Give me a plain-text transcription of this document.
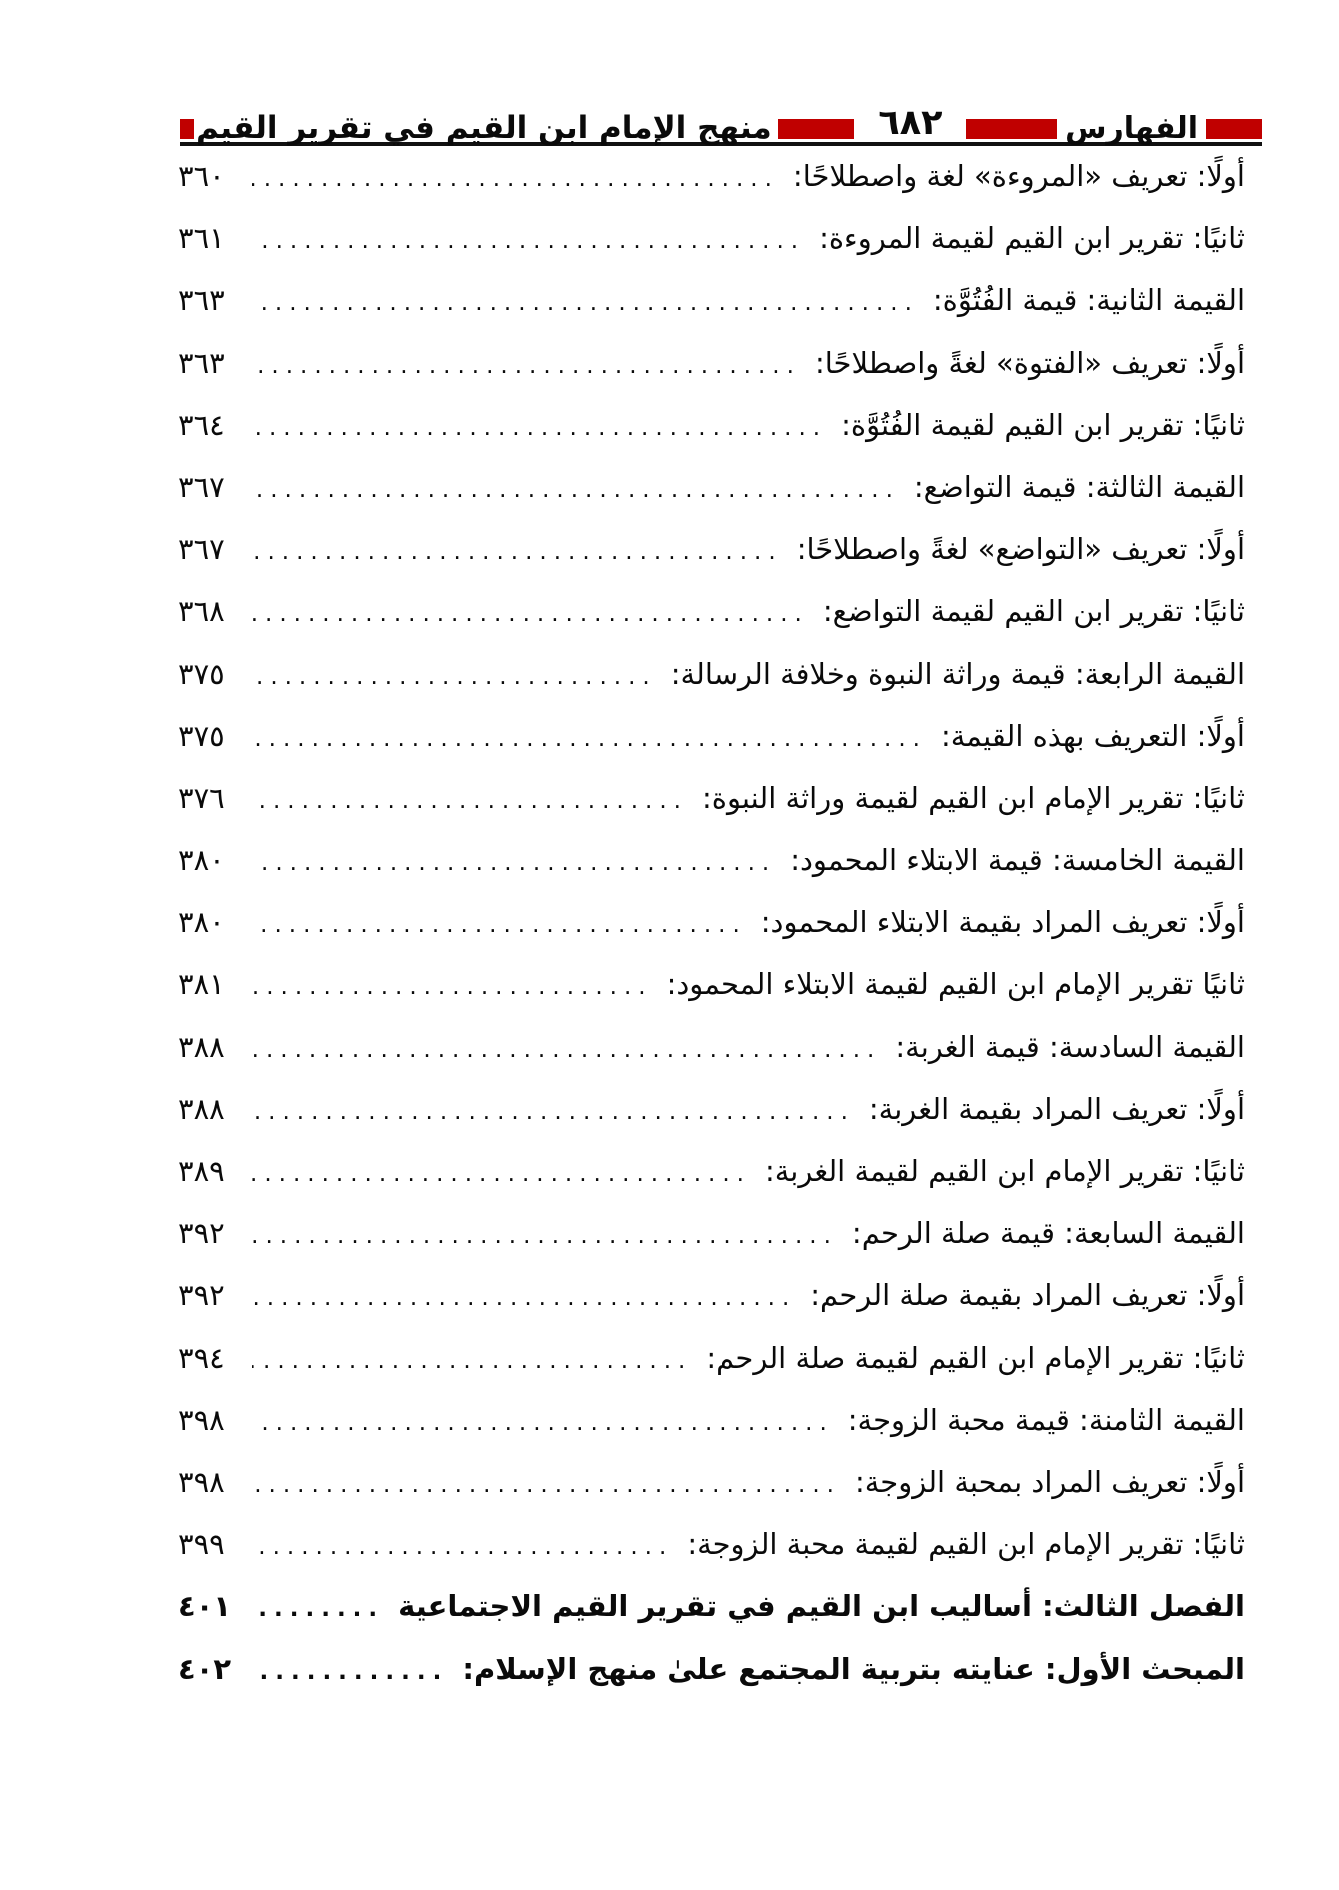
الفهارس
٦٨٢
منهج الإمام ابن القيم في تقرير القيم
أولًا: تعريف «المروءة» لغة واصطلاحًا:
.....
٣٦٠
ثانيًا: تقرير ابن القيم لقيمة المروءة:
.....
٣٦١
القيمة الثانية: قيمة الفُتُوَّة:
.....
٣٦٣
أولًا: تعريف «الفتوة» لغةً واصطلاحًا:
.....
٣٦٣
ثانيًا: تقرير ابن القيم لقيمة الفُتُوَّة:
.....
٣٦٤
القيمة الثالثة: قيمة التواضع:
.....
٣٦٧
أولًا: تعريف «التواضع» لغةً واصطلاحًا:
.....
٣٦٧
ثانيًا: تقرير ابن القيم لقيمة التواضع:
.....
٣٦٨
القيمة الرابعة: قيمة وراثة النبوة وخلافة الرسالة:
.....
٣٧٥
أولًا: التعريف بهذه القيمة:
.....
٣٧٥
ثانيًا: تقرير الإمام ابن القيم لقيمة وراثة النبوة:
.....
٣٧٦
القيمة الخامسة: قيمة الابتلاء المحمود:
.....
٣٨٠
أولًا: تعريف المراد بقيمة الابتلاء المحمود:
.....
٣٨٠
ثانيًا تقرير الإمام ابن القيم لقيمة الابتلاء المحمود:
.....
٣٨١
القيمة السادسة: قيمة الغربة:
.....
٣٨٨
أولًا: تعريف المراد بقيمة الغربة:
.....
٣٨٨
ثانيًا: تقرير الإمام ابن القيم لقيمة الغربة:
.....
٣٨٩
القيمة السابعة: قيمة صلة الرحم:
.....
٣٩٢
أولًا: تعريف المراد بقيمة صلة الرحم:
.....
٣٩٢
ثانيًا: تقرير الإمام ابن القيم لقيمة صلة الرحم:
.....
٣٩٤
القيمة الثامنة: قيمة محبة الزوجة:
.....
٣٩٨
أولًا: تعريف المراد بمحبة الزوجة:
.....
٣٩٨
ثانيًا: تقرير الإمام ابن القيم لقيمة محبة الزوجة:
.....
٣٩٩
الفصل الثالث: أساليب ابن القيم في تقرير القيم الاجتماعية
.....
٤٠١
المبحث الأول: عنايته بتربية المجتمع علىٰ منهج الإسلام:
.....
٤٠٢
